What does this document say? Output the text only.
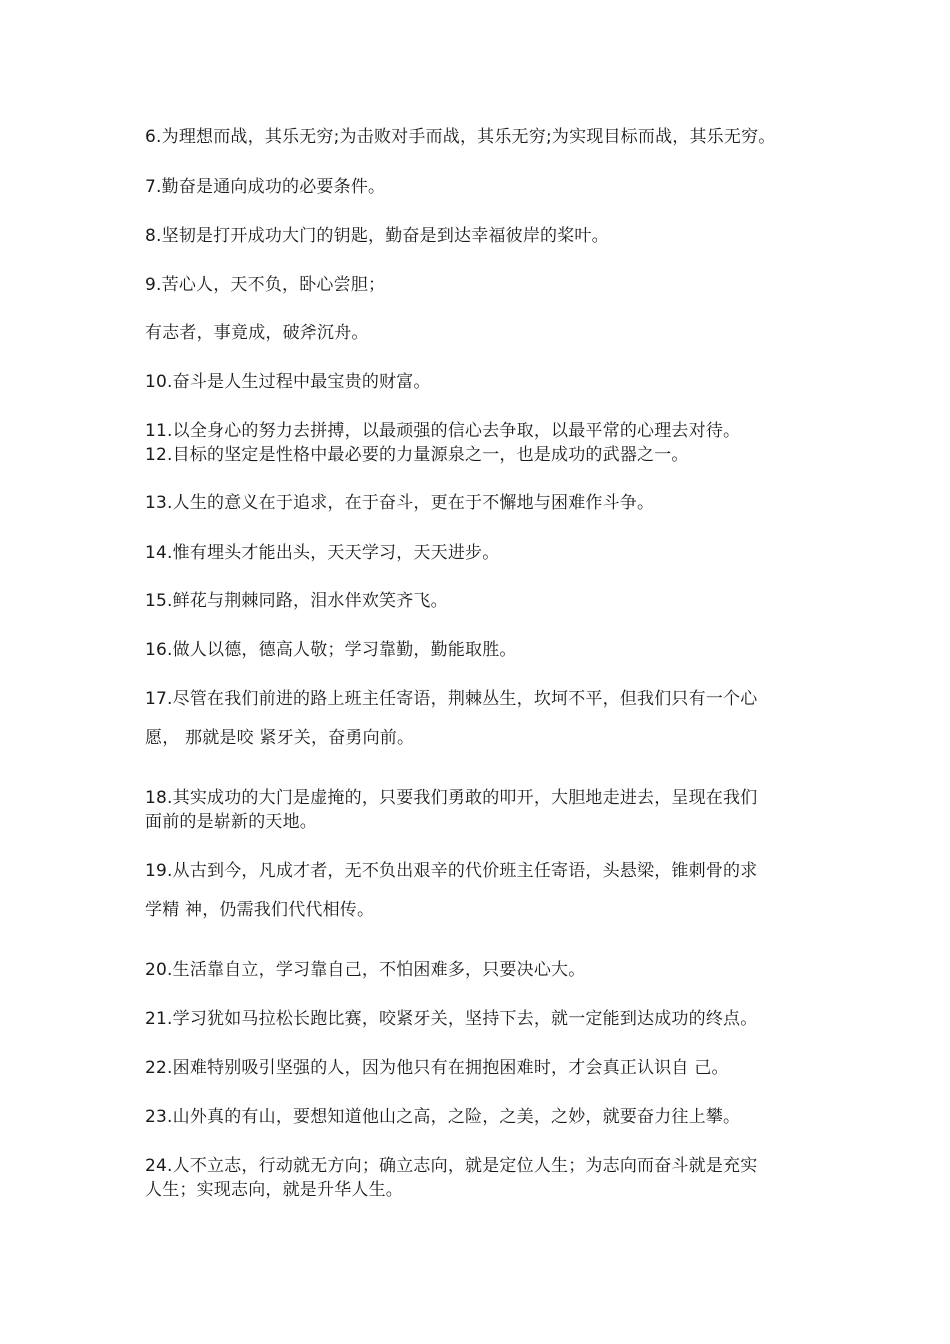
6.为理想而战，其乐无穷;为击败对手而战，其乐无穷;为实现目标而战，其乐无穷。
7.勤奋是通向成功的必要条件。
8.坚韧是打开成功大门的钥匙，勤奋是到达幸福彼岸的桨叶。
9.苦心人，天不负，卧心尝胆；
有志者，事竟成，破斧沉舟。
10.奋斗是人生过程中最宝贵的财富。
11.以全身心的努力去拼搏，以最顽强的信心去争取，以最平常的心理去对待。
12.目标的坚定是性格中最必要的力量源泉之一，也是成功的武器之一。
13.人生的意义在于追求，在于奋斗，更在于不懈地与困难作斗争。
14.惟有埋头才能出头，天天学习，天天进步。
15.鲜花与荆棘同路，泪水伴欢笑齐飞。
16.做人以德，德高人敬；学习靠勤，勤能取胜。
17.尽管在我们前进的路上班主任寄语，荆棘丛生，坎坷不平，但我们只有一个心
愿， 那就是咬 紧牙关，奋勇向前。
18.其实成功的大门是虚掩的，只要我们勇敢的叩开，大胆地走进去，呈现在我们
面前的是崭新的天地。
19.从古到今，凡成才者，无不负出艰辛的代价班主任寄语，头悬梁，锥刺骨的求
学精 神，仍需我们代代相传。
20.生活靠自立，学习靠自己，不怕困难多，只要决心大。
21.学习犹如马拉松长跑比赛，咬紧牙关，坚持下去，就一定能到达成功的终点。
22.困难特别吸引坚强的人，因为他只有在拥抱困难时，才会真正认识自 己。
23.山外真的有山，要想知道他山之高，之险，之美，之妙，就要奋力往上攀。
24.人不立志，行动就无方向；确立志向，就是定位人生；为志向而奋斗就是充实
人生；实现志向，就是升华人生。
